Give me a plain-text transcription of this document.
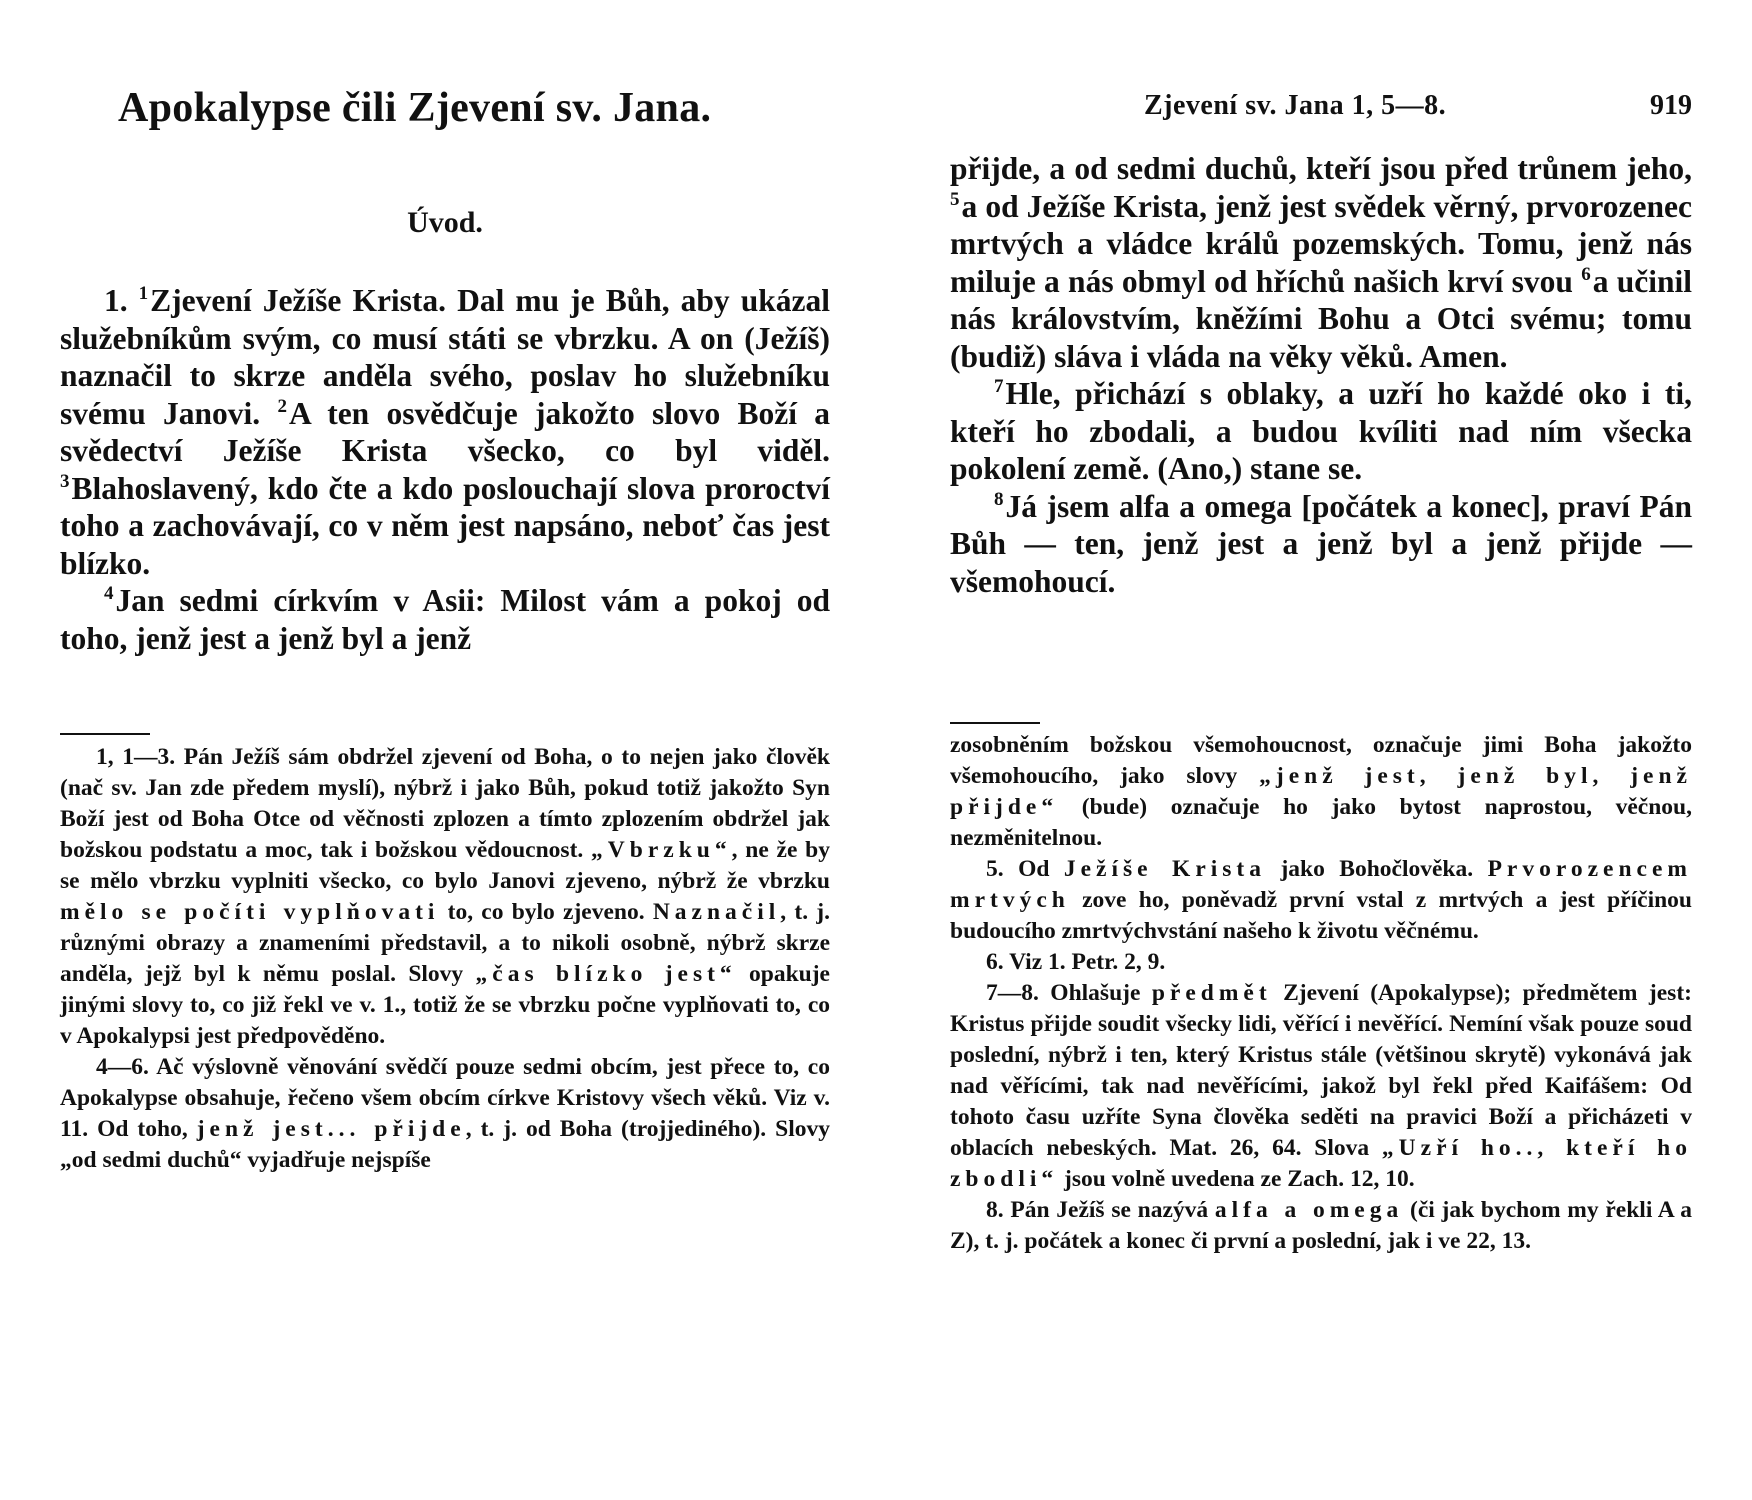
Apokalypse čili Zjevení sv. Jana.
Úvod.

1. $^1$Zjevení Ježíše Krista. Dal mu je Bůh, aby ukázal služebníkům svým, co musí státi se vbrzku. A on (Ježíš) naznačil to skrze anděla svého, poslav ho služebníku svému Janovi. $^2$A ten osvědčuje jakožto slovo Boží a svědectví Ježíše Krista všecko, co byl viděl. $^3$Blahoslavený, kdo čte a kdo poslouchají slova proroctví toho a zachovávají, co v něm jest napsáno, neboť čas jest blízko.

$^4$Jan sedmi církvím v Asii: Milost vám a pokoj od toho, jenž jest a jenž byl a jenž

1, 1—3. Pán Ježíš sám obdržel zjevení od Boha, o to nejen jako člověk (nač sv. Jan zde předem myslí), nýbrž i jako Bůh, pokud totiž jakožto Syn Boží jest od Boha Otce od věčnosti zplozen a tímto zplozením obdržel jak božskou podstatu a moc, tak i božskou vědoucnost. „Vbrzku“, ne že by se mělo vbrzku vyplniti všecko, co bylo Janovi zjeveno, nýbrž že vbrzku mělo se počíti vyplňovati to, co bylo zjeveno. Naznačil, t. j. různými obrazy a znameními představil, a to nikoli osobně, nýbrž skrze anděla, jejž byl k němu poslal. Slovy „čas blízko jest“ opakuje jinými slovy to, co již řekl ve v. 1., totiž že se vbrzku počne vyplňovati to, co v Apokalypsi jest předpověděno.

4—6. Ač výslovně věnování svědčí pouze sedmi obcím, jest přece to, co Apokalypse obsahuje, řečeno všem obcím církve Kristovy všech věků. Viz v. 11. Od toho, jenž jest... přijde, t. j. od Boha (trojjediného). Slovy „od sedmi duchů“ vyjadřuje nejspíše

Zjevení sv. Jana 1, 5—8.	919

přijde, a od sedmi duchů, kteří jsou před trůnem jeho, $^5$a od Ježíše Krista, jenž jest svědek věrný, prvorozenec mrtvých a vládce králů pozemských. Tomu, jenž nás miluje a nás obmyl od hříchů našich krví svou $^6$a učinil nás královstvím, kněžími Bohu a Otci svému; tomu (budiž) sláva i vláda na věky věků. Amen.

$^7$Hle, přichází s oblaky, a uzří ho každé oko i ti, kteří ho zbodali, a budou kvíliti nad ním všecka pokolení země. (Ano,) stane se.

$^8$Já jsem alfa a omega [počátek a konec], praví Pán Bůh — ten, jenž jest a jenž byl a jenž přijde — všemohoucí.

zosobněním božskou všemohoucnost, označuje jimi Boha jakožto všemohoucího, jako slovy „jenž jest, jenž byl, jenž přijde“ (bude) označuje ho jako bytost naprostou, věčnou, nezměnitelnou.

5. Od Ježíše Krista jako Bohočlověka. Prvorozencem mrtvých zove ho, poněvadž první vstal z mrtvých a jest příčinou budoucího zmrtvýchvstání našeho k životu věčnému.

6. Viz 1. Petr. 2, 9.

7—8. Ohlašuje předmět Zjevení (Apokalypse); předmětem jest: Kristus přijde soudit všecky lidi, věřící i nevěřící. Nemíní však pouze soud poslední, nýbrž i ten, který Kristus stále (většinou skrytě) vykonává jak nad věřícími, tak nad nevěřícími, jakož byl řekl před Kaifášem: Od tohoto času uzříte Syna člověka seděti na pravici Boží a přicházeti v oblacích nebeských. Mat. 26, 64. Slova „Uzří ho.., kteří ho zbodli“ jsou volně uvedena ze Zach. 12, 10.

8. Pán Ježíš se nazývá alfa a omega (či jak bychom my řekli A a Z), t. j. počátek a konec či první a poslední, jak i ve 22, 13.
